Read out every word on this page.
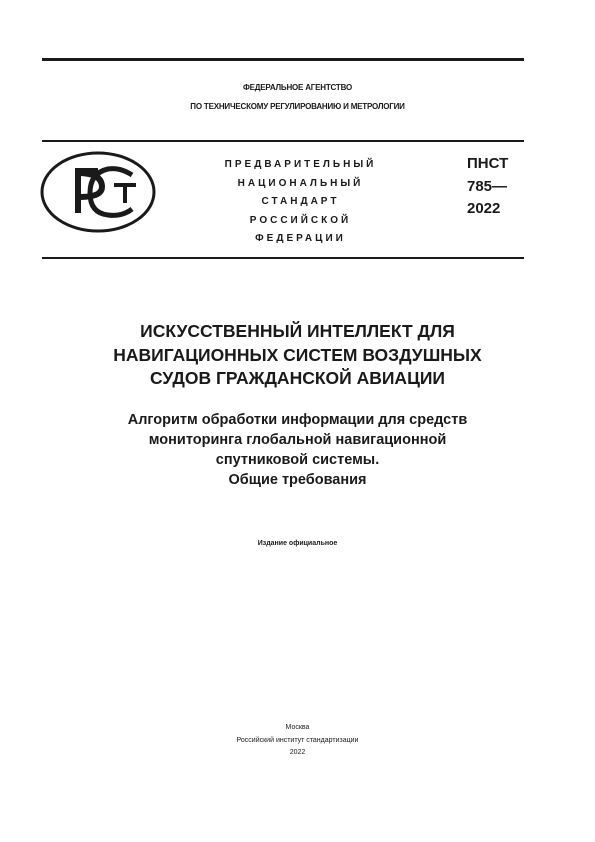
ФЕДЕРАЛЬНОЕ АГЕНТСТВО
ПО ТЕХНИЧЕСКОМУ РЕГУЛИРОВАНИЮ И МЕТРОЛОГИИ
ПРЕДВАРИТЕЛЬНЫЙ
НАЦИОНАЛЬНЫЙ
СТАНДАРТ
РОССИЙСКОЙ
ФЕДЕРАЦИИ
ПНСТ
785—
2022
ИСКУССТВЕННЫЙ ИНТЕЛЛЕКТ ДЛЯ
НАВИГАЦИОННЫХ СИСТЕМ ВОЗДУШНЫХ
СУДОВ ГРАЖДАНСКОЙ АВИАЦИИ
Алгоритм обработки информации для средств
мониторинга глобальной навигационной
спутниковой системы.
Общие требования
Издание официальное
Москва
Российский институт стандартизации
2022
